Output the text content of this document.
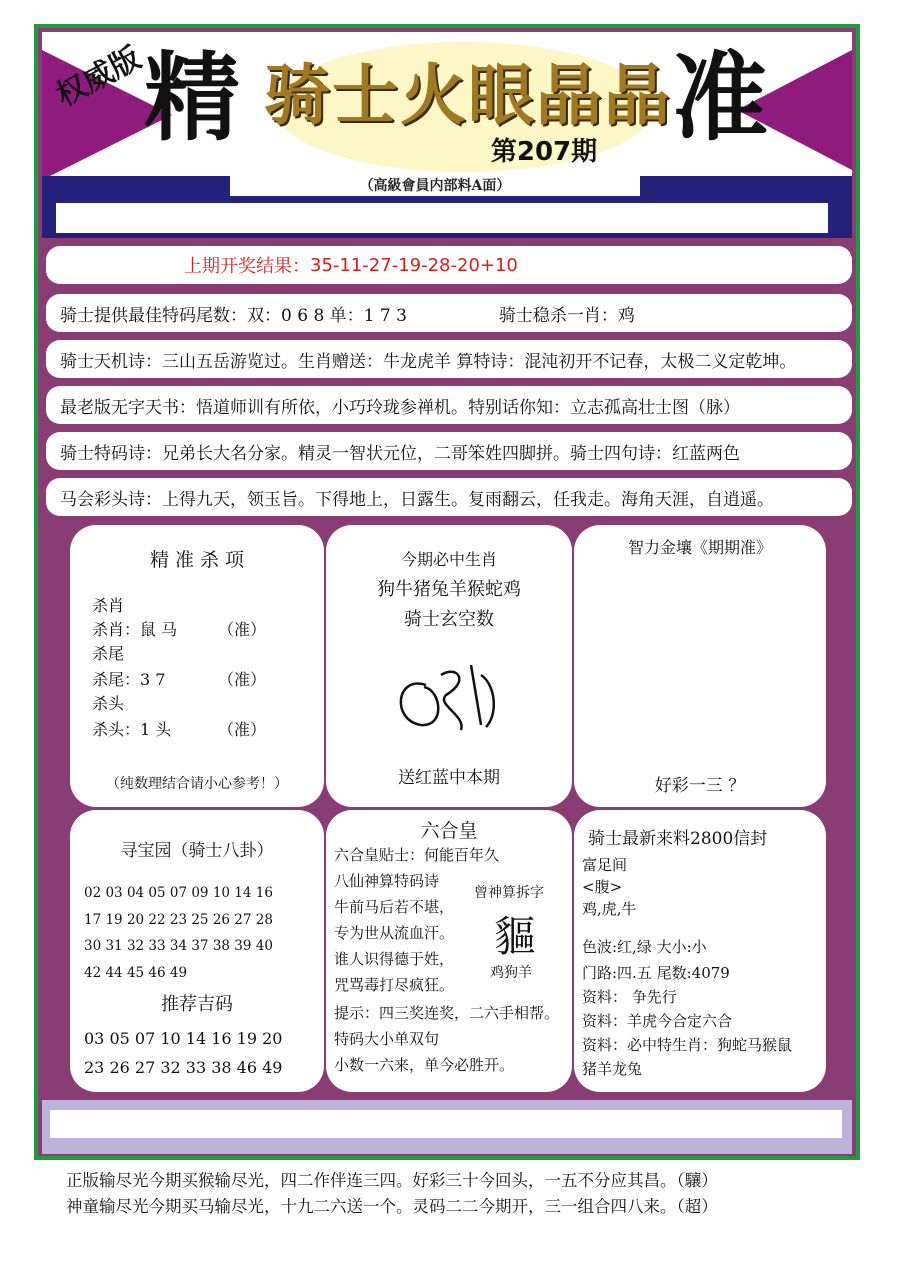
权威版
精 骑士火眼晶晶 准
第207期
（高級會員内部料A面）
上期开奖结果： 35-11-27-19-28-20+10
骑士提供最佳特码尾数：双：0 6 8 单：1 7 3	骑士稳杀一肖：鸡
骑士天机诗：三山五岳游览过。生肖赠送：牛龙虎羊 算特诗：混沌初开不记春，太极二义定乾坤。
最老版无字天书：悟道师训有所依，小巧玲珑参禅机。特别话你知：立志孤高壮士图（脉）
骑士特码诗：兄弟长大名分家。精灵一智状元位，二哥笨姓四脚拼。骑士四句诗：红蓝两色
马会彩头诗：上得九天，领玉旨。下得地上，日露生。复雨翻云，任我走。海角天涯，自逍遥。
精 准 杀 项
杀肖
杀肖：鼠 马	（准）
杀尾
杀尾：3 7	（准）
杀头
杀头：1 头	（准）
（纯数理结合请小心参考！）
今期必中生肖
狗牛猪兔羊猴蛇鸡
骑士玄空数
送红蓝中本期
智力金壤《期期准》
好彩一三 ？
寻宝园（骑士八卦）
02 03 04 05 07 09 10 14 16
17 19 20 22 23 25 26 27 28
30 31 32 33 34 37 38 39 40
42 44 45 46 49
推荐吉码
03 05 07 10 14 16 19 20
23 26 27 32 33 38 46 49
六合皇
六合皇贴士：何能百年久
八仙神算特码诗
牛前马后若不堪，
专为世从流血汗。
谁人识得德于姓，
咒骂毒打尽疯狂。
曾神算拆字
貙
鸡狗羊
提示：四三奖连奖，二六手相帮。
特码大小单双句
小数一六来，单今必胜开。
骑士最新来料2800信封
富足间
<腹>
鸡,虎,牛
色波:红,绿 大小:小
门路:四.五 尾数:4079
资料： 争先行
资料：羊虎今合定六合
资料：必中特生肖：狗蛇马猴鼠
猪羊龙兔
正版输尽光今期买猴输尽光，四二作伴连三四。好彩三十今回头，一五不分应其昌。（驤）
神童输尽光今期买马输尽光，十九二六送一个。灵码二二今期开，三一组合四八来。（超）
